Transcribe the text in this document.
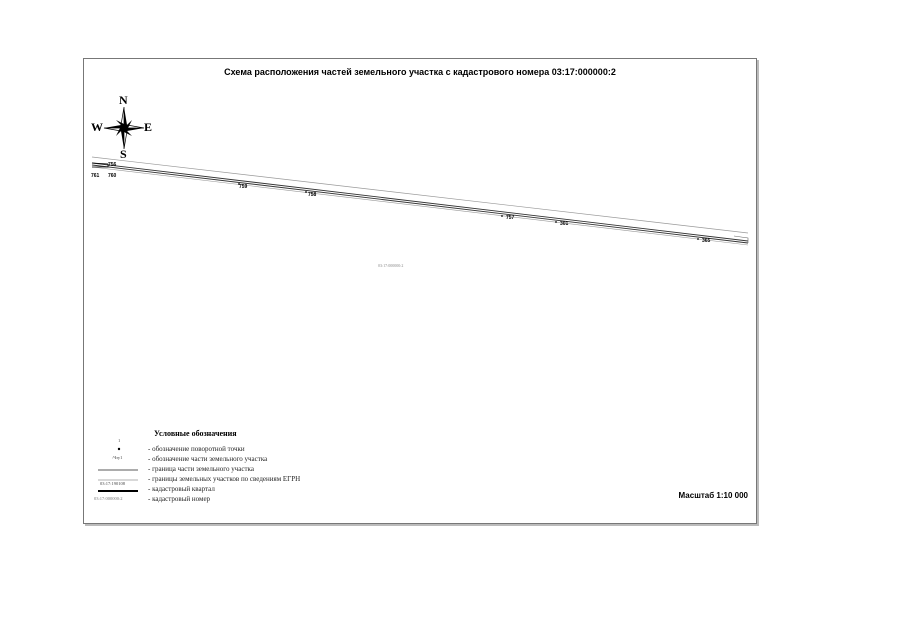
Схема расположения частей земельного участка с кадастрового номера 03:17:000000:2
N
S
W	E
756
761 760
759
758
757
301
365
03:17:000000:2
Условные обозначения
1
- обозначение поворотной точки
:Чзу1	- обозначение части земельного участка
- граница части земельного участка
- границы земельных участков по сведениям ЕГРН
03:17:190108
- кадастровый квартал
03:17:000000:2	- кадастровый номер	Масштаб 1:10 000
